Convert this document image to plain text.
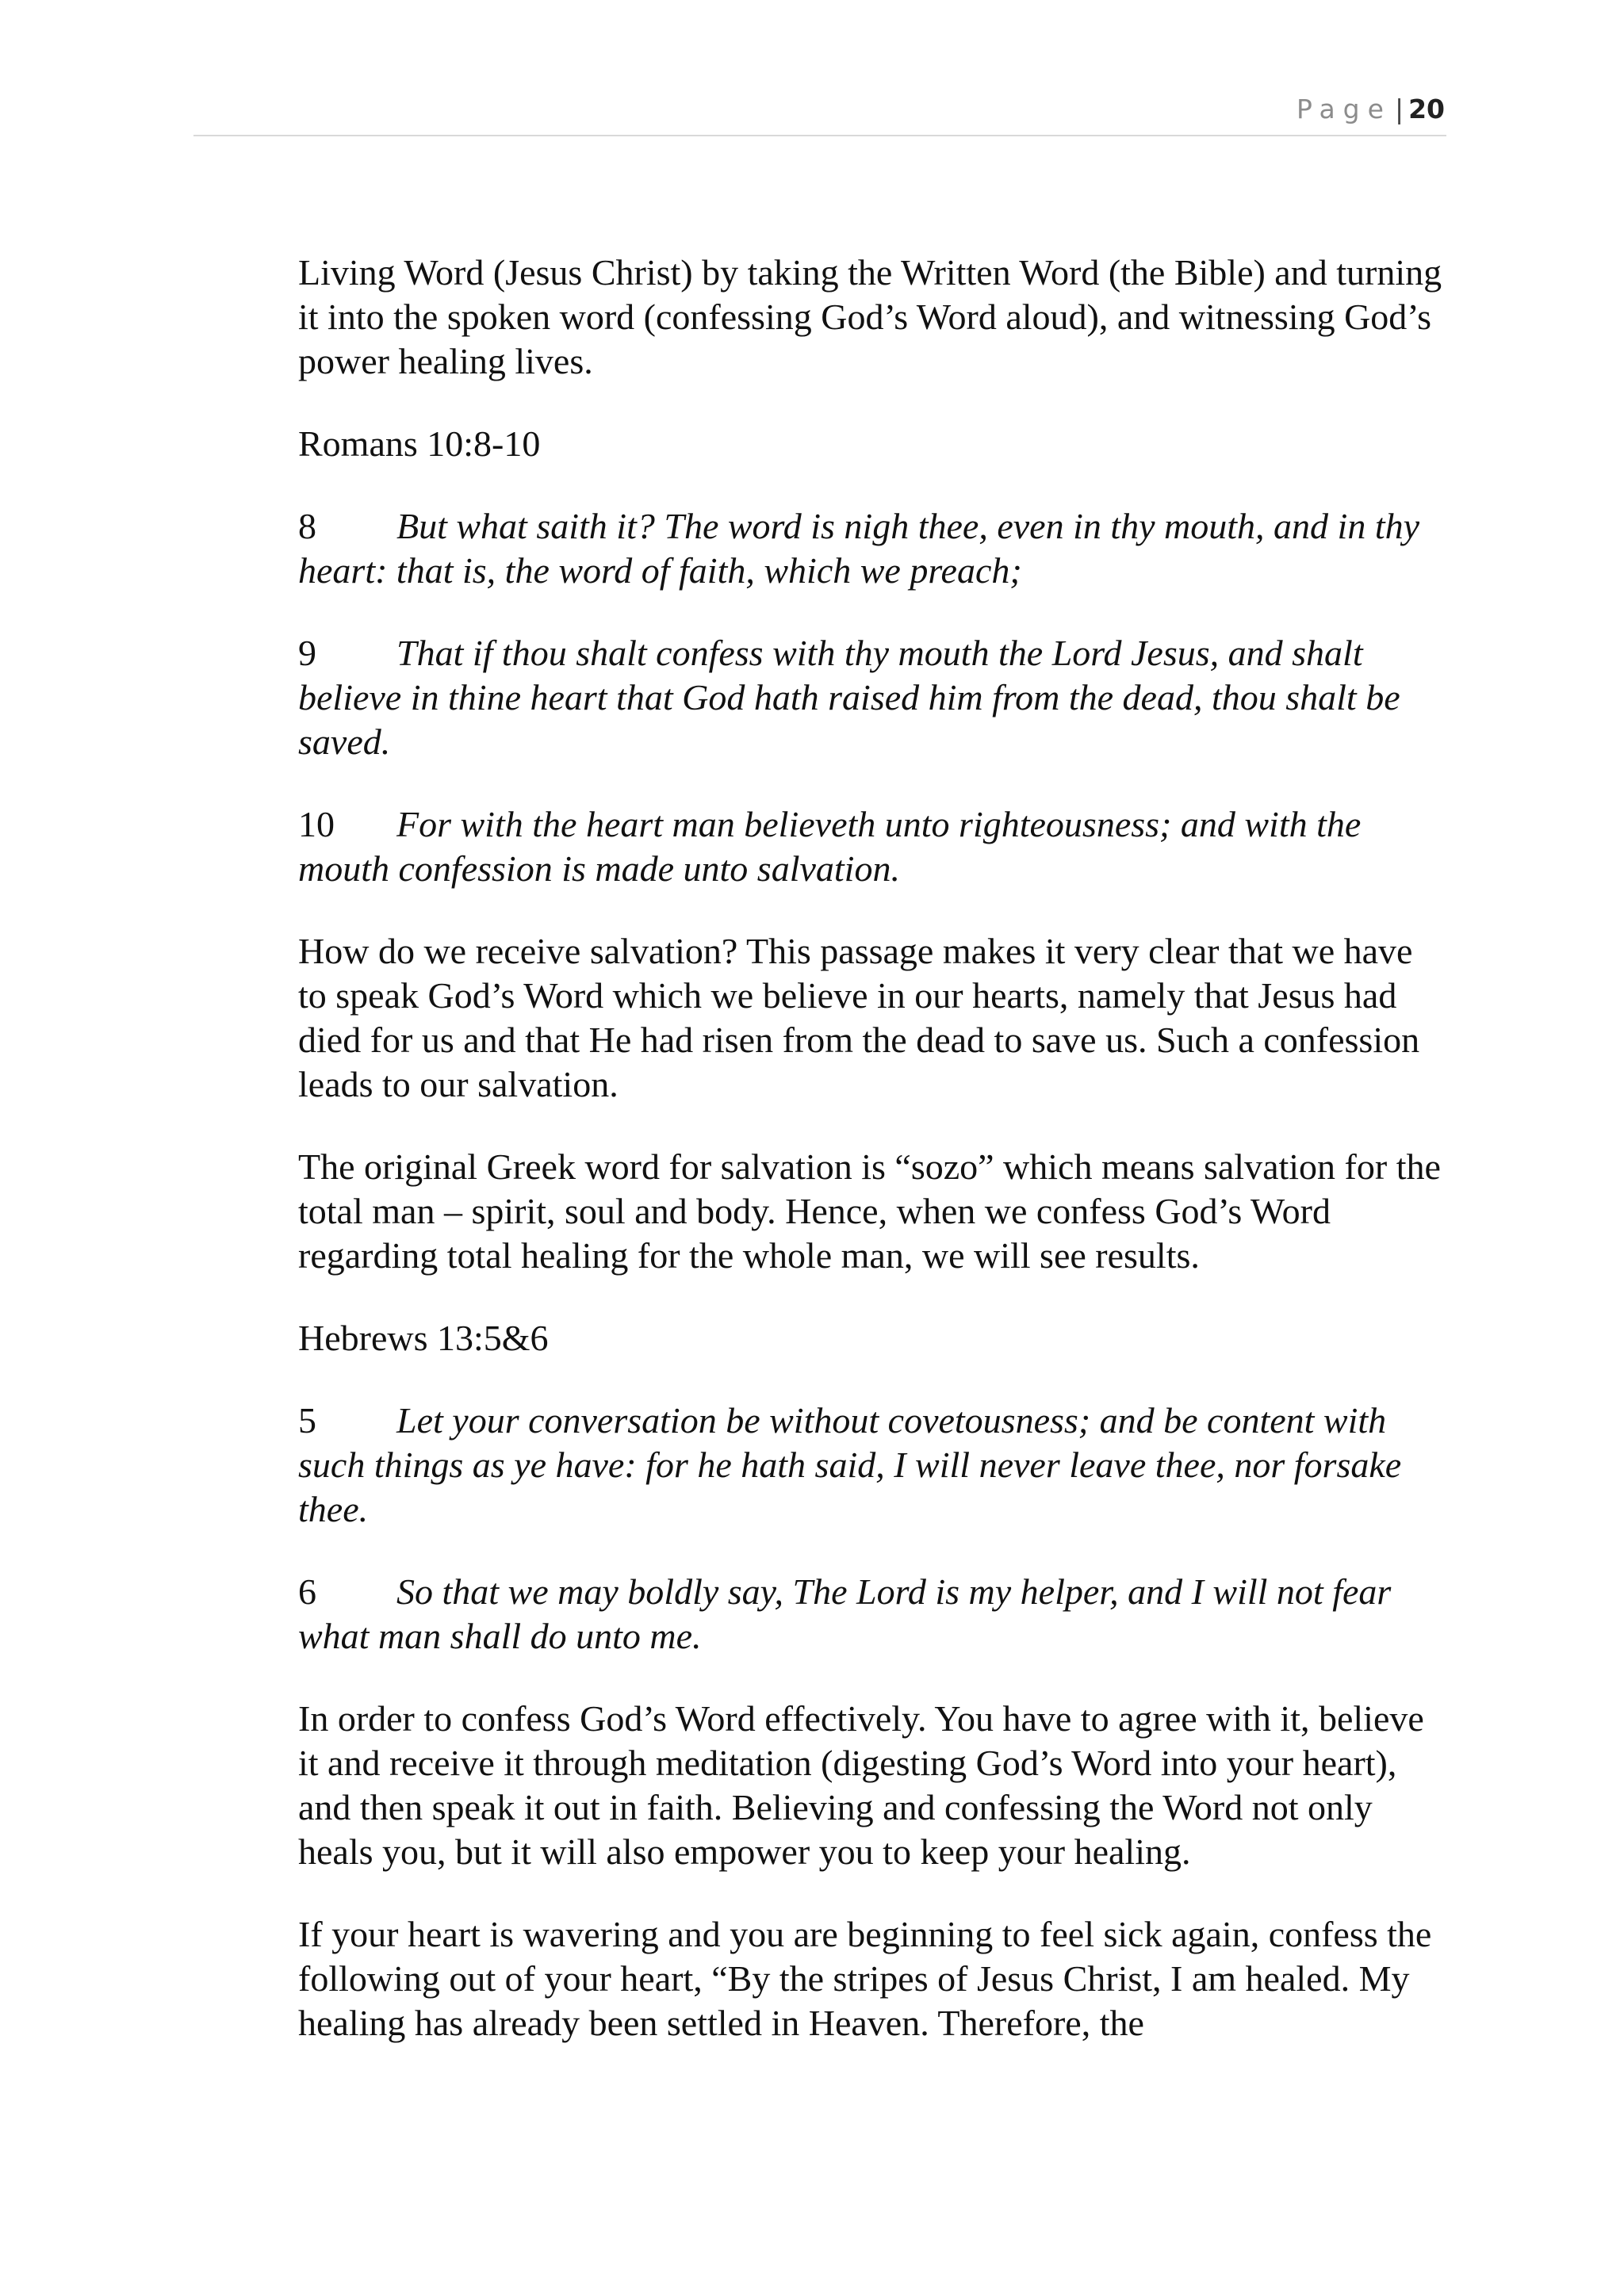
Page | 20

Living Word (Jesus Christ) by taking the Written Word (the Bible) and turning it into the spoken word (confessing God’s Word aloud), and witnessing God’s power healing lives.

Romans 10:8-10

8 But what saith it? The word is nigh thee, even in thy mouth, and in thy heart: that is, the word of faith, which we preach;

9 That if thou shalt confess with thy mouth the Lord Jesus, and shalt believe in thine heart that God hath raised him from the dead, thou shalt be saved.

10 For with the heart man believeth unto righteousness; and with the mouth confession is made unto salvation.

How do we receive salvation? This passage makes it very clear that we have to speak God’s Word which we believe in our hearts, namely that Jesus had died for us and that He had risen from the dead to save us. Such a confession leads to our salvation.

The original Greek word for salvation is “sozo” which means salvation for the total man – spirit, soul and body. Hence, when we confess God’s Word regarding total healing for the whole man, we will see results.

Hebrews 13:5&6

5 Let your conversation be without covetousness; and be content with such things as ye have: for he hath said, I will never leave thee, nor forsake thee.

6 So that we may boldly say, The Lord is my helper, and I will not fear what man shall do unto me.

In order to confess God’s Word effectively. You have to agree with it, believe it and receive it through meditation (digesting God’s Word into your heart), and then speak it out in faith. Believing and confessing the Word not only heals you, but it will also empower you to keep your healing.

If your heart is wavering and you are beginning to feel sick again, confess the following out of your heart, “By the stripes of Jesus Christ, I am healed. My healing has already been settled in Heaven. Therefore, the
